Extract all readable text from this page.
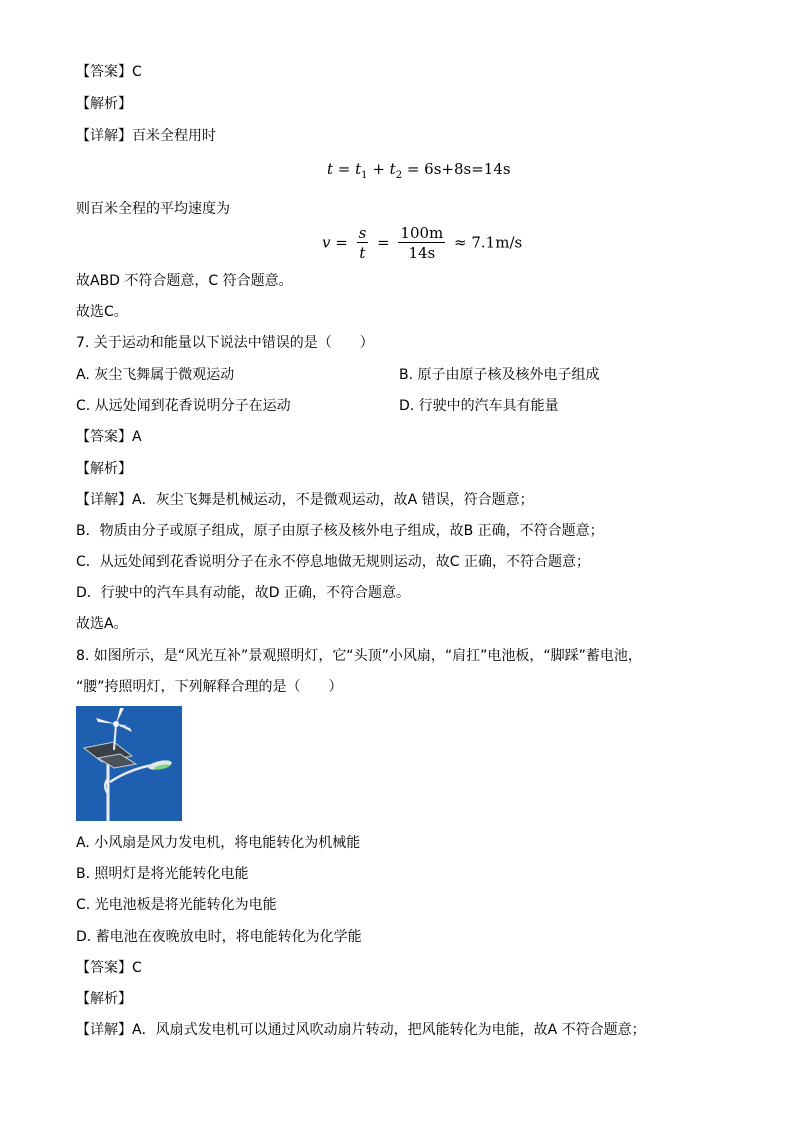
【答案】C
【解析】
【详解】百米全程用时
$t = t_1 + t_2 = 6s+8s=14s$
则百米全程的平均速度为
$v = \frac{s}{t} = \frac{100m}{14s} \approx 7.1m/s$
故ABD 不符合题意，C 符合题意。
故选C。
7. 关于运动和能量以下说法中错误的是（　　）
A. 灰尘飞舞属于微观运动	B. 原子由原子核及核外电子组成
C. 从远处闻到花香说明分子在运动	D. 行驶中的汽车具有能量
【答案】A
【解析】
【详解】A．灰尘飞舞是机械运动，不是微观运动，故A 错误，符合题意；
B．物质由分子或原子组成，原子由原子核及核外电子组成，故B 正确，不符合题意；
C．从远处闻到花香说明分子在永不停息地做无规则运动，故C 正确，不符合题意；
D．行驶中的汽车具有动能，故D 正确，不符合题意。
故选A。
8. 如图所示，是“风光互补”景观照明灯，它“头顶”小风扇，“肩扛”电池板，“脚踩”蓄电池，
“腰”挎照明灯，下列解释合理的是（　　）
A. 小风扇是风力发电机，将电能转化为机械能
B. 照明灯是将光能转化电能
C. 光电池板是将光能转化为电能
D. 蓄电池在夜晚放电时，将电能转化为化学能
【答案】C
【解析】
【详解】A．风扇式发电机可以通过风吹动扇片转动，把风能转化为电能，故A 不符合题意；
